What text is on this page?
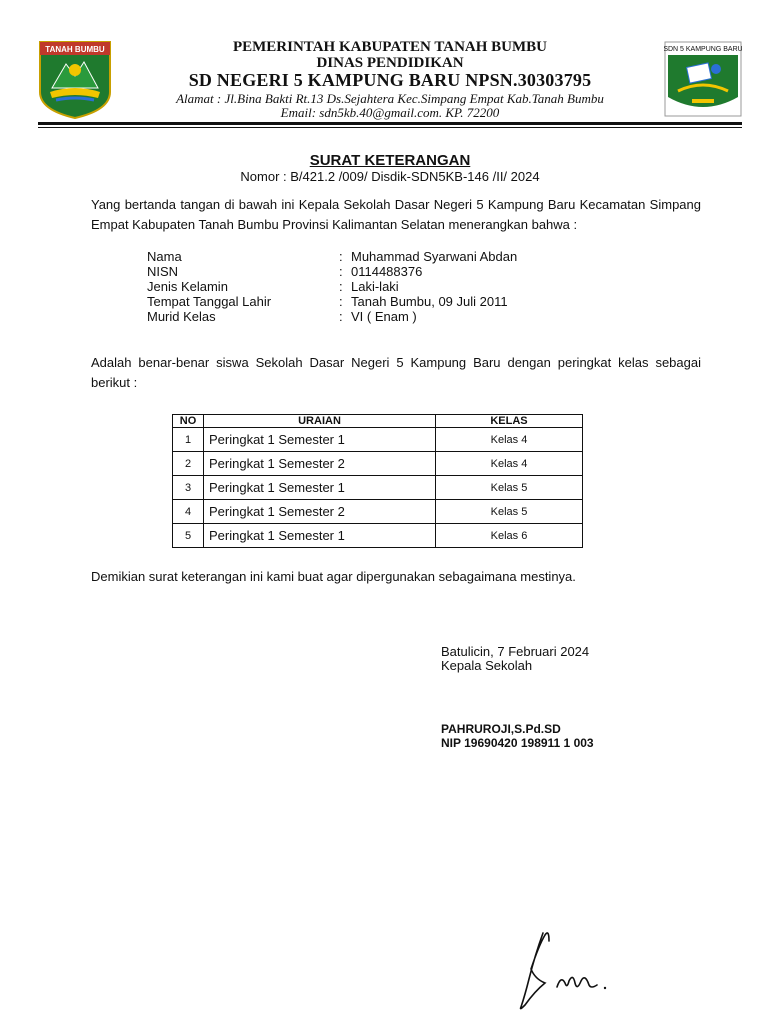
TANAH BUMBU	SDN 5 KAMPUNG BARU
PEMERINTAH KABUPATEN TANAH BUMBU
DINAS PENDIDIKAN
SD NEGERI 5 KAMPUNG BARU NPSN.30303795
Alamat : Jl.Bina Bakti Rt.13 Ds.Sejahtera Kec.Simpang Empat Kab.Tanah Bumbu
Email: sdn5kb.40@gmail.com. KP. 72200
SURAT KETERANGAN
Nomor : B/421.2 /009/ Disdik-SDN5KB-146 /II/ 2024
Yang bertanda tangan di bawah ini Kepala Sekolah Dasar Negeri 5 Kampung Baru Kecamatan Simpang Empat Kabupaten Tanah Bumbu Provinsi Kalimantan Selatan menerangkan bahwa :
Nama	: Muhammad Syarwani Abdan
NISN	: 0114488376
Jenis Kelamin	: Laki-laki
Tempat Tanggal Lahir	: Tanah Bumbu, 09 Juli 2011
Murid Kelas	: VI ( Enam )
Adalah benar-benar siswa Sekolah Dasar Negeri 5 Kampung Baru dengan peringkat kelas sebagai berikut :
NO	URAIAN	KELAS
1	Peringkat 1 Semester 1	Kelas 4
2	Peringkat 1 Semester 2	Kelas 4
3	Peringkat 1 Semester 1	Kelas 5
4	Peringkat 1 Semester 2	Kelas 5
5	Peringkat 1 Semester 1	Kelas 6
Demikian surat keterangan ini kami buat agar dipergunakan sebagaimana mestinya.
Batulicin, 7 Februari 2024
Kepala Sekolah
PAHRUROJI,S.Pd.SD
NIP 19690420 198911 1 003
